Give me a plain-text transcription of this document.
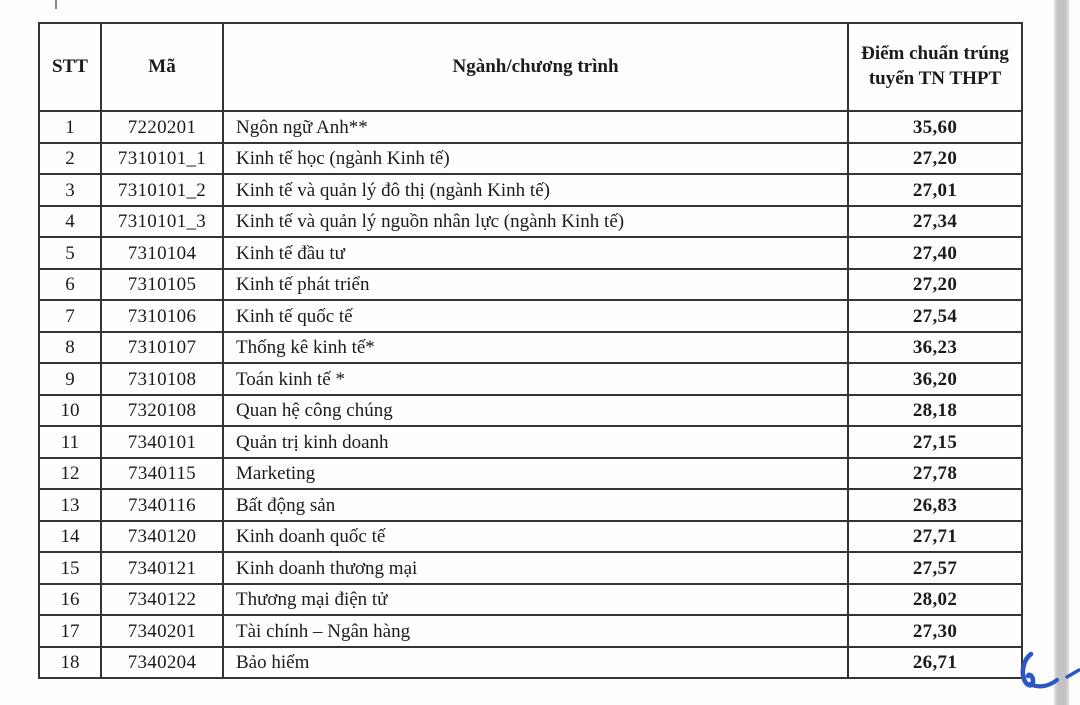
STT	Mã	Ngành/chương trình	Điểm chuẩn trúng tuyển TN THPT
1	7220201	Ngôn ngữ Anh**	35,60
2	7310101_1	Kinh tế học (ngành Kinh tế)	27,20
3	7310101_2	Kinh tế và quản lý đô thị (ngành Kinh tế)	27,01
4	7310101_3	Kinh tế và quản lý nguồn nhân lực (ngành Kinh tế)	27,34
5	7310104	Kinh tế đầu tư	27,40
6	7310105	Kinh tế phát triển	27,20
7	7310106	Kinh tế quốc tế	27,54
8	7310107	Thống kê kinh tế*	36,23
9	7310108	Toán kinh tế *	36,20
10	7320108	Quan hệ công chúng	28,18
11	7340101	Quản trị kinh doanh	27,15
12	7340115	Marketing	27,78
13	7340116	Bất động sản	26,83
14	7340120	Kinh doanh quốc tế	27,71
15	7340121	Kinh doanh thương mại	27,57
16	7340122	Thương mại điện tử	28,02
17	7340201	Tài chính – Ngân hàng	27,30
18	7340204	Bảo hiểm	26,71
